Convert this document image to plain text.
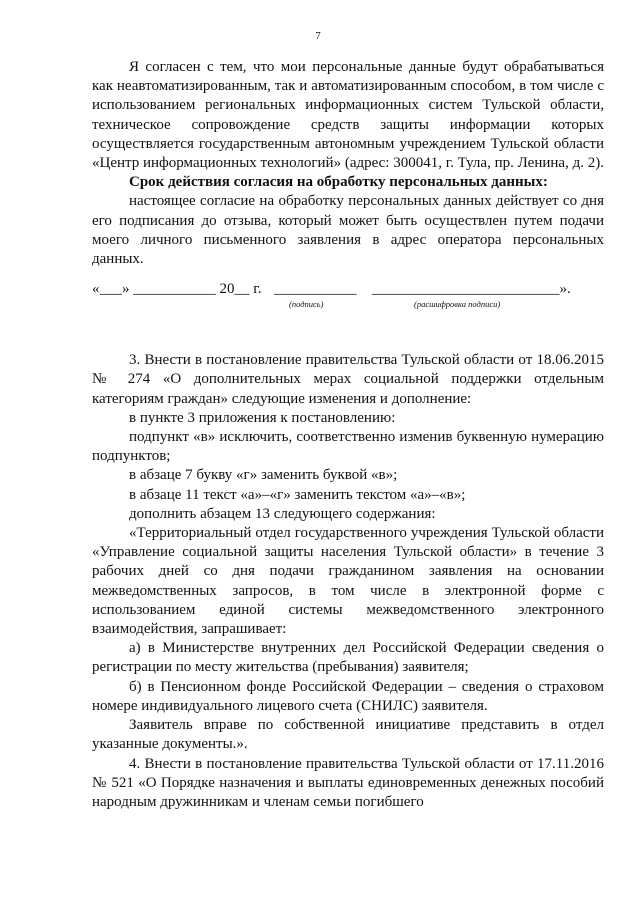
7

Я согласен с тем, что мои персональные данные будут обрабатываться как неавтоматизированным, так и автоматизированным способом, в том числе с использованием региональных информационных систем Тульской области, техническое сопровождение средств защиты информации которых осуществляется государственным автономным учреждением Тульской области «Центр информационных технологий» (адрес: 300041, г. Тула, пр. Ленина, д. 2).

Срок действия согласия на обработку персональных данных:

настоящее согласие на обработку персональных данных действует со дня его подписания до отзыва, который может быть осуществлен путем подачи моего личного письменного заявления в адрес оператора персональных данных.

«___» ___________ 20__ г. ___________ _________________________».
(подпись)	(расшифровка подписи)

3. Внести в постановление правительства Тульской области от 18.06.2015 № 274 «О дополнительных мерах социальной поддержки отдельным категориям граждан» следующие изменения и дополнение:

в пункте 3 приложения к постановлению:

подпункт «в» исключить, соответственно изменив буквенную нумерацию подпунктов;

в абзаце 7 букву «г» заменить буквой «в»;

в абзаце 11 текст «а»–«г» заменить текстом «а»–«в»;

дополнить абзацем 13 следующего содержания:

«Территориальный отдел государственного учреждения Тульской области «Управление социальной защиты населения Тульской области» в течение 3 рабочих дней со дня подачи гражданином заявления на основании межведомственных запросов, в том числе в электронной форме с использованием единой системы межведомственного электронного взаимодействия, запрашивает:

а) в Министерстве внутренних дел Российской Федерации сведения о регистрации по месту жительства (пребывания) заявителя;

б) в Пенсионном фонде Российской Федерации – сведения о страховом номере индивидуального лицевого счета (СНИЛС) заявителя.

Заявитель вправе по собственной инициативе представить в отдел указанные документы.».

4. Внести в постановление правительства Тульской области от 17.11.2016 № 521 «О Порядке назначения и выплаты единовременных денежных пособий народным дружинникам и членам семьи погибшего
